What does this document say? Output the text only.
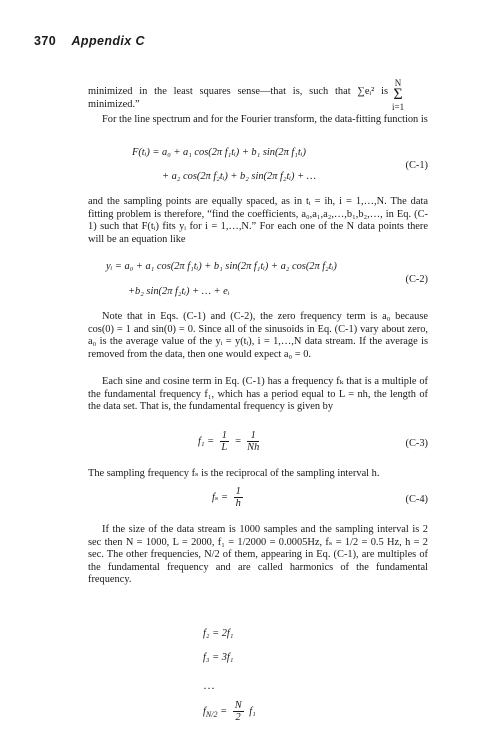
370 Appendix C
N
Σ
i=1
minimized in the least squares sense—that is, such that ∑eᵢ² is minimized.”
For the line spectrum and for the Fourier transform, the data-fitting function is
F(tᵢ) = a₀ + a₁ cos(2π f₁tᵢ) + b₁ sin(2π f₁tᵢ)
+ a₂ cos(2π f₂tᵢ) + b₂ sin(2π f₂tᵢ) + …
(C-1)
and the sampling points are equally spaced, as in tᵢ = ih, i = 1,…,N. The data fitting problem is therefore, “find the coefficients, a₀,a₁,a₂,…,b₁,b₂,…, in Eq. (C-1) such that F(tᵢ) fits yᵢ for i = 1,…,N.” For each one of the N data points there will be an equation like
yᵢ = a₀ + a₁ cos(2π f₁tᵢ) + b₁ sin(2π f₁tᵢ) + a₂ cos(2π f₂tᵢ)
+b₂ sin(2π f₂tᵢ) + … + eᵢ
(C-2)
Note that in Eqs. (C-1) and (C-2), the zero frequency term is a₀ because cos(0) = 1 and sin(0) = 0. Since all of the sinusoids in Eq. (C-1) vary about zero, a₀ is the average value of the yᵢ = y(tᵢ), i = 1,…,N data stream. If the average is removed from the data, then one would expect a₀ = 0.
Each sine and cosine term in Eq. (C-1) has a frequency fₖ that is a multiple of the fundamental frequency f₁, which has a period equal to L = nh, the length of the data set. That is, the fundamental frequency is given by
$f_1 = \frac{1}{L} = \frac{1}{Nh}$	(C-3)
The sampling frequency fₛ is the reciprocal of the sampling interval h.
$f_s = \frac{1}{h}$	(C-4)
If the size of the data stream is 1000 samples and the sampling interval is 2 sec then N = 1000, L = 2000, f₁ = 1/2000 = 0.0005Hz, fₛ = 1/2 = 0.5 Hz, h = 2 sec. The other frequencies, N/2 of them, appearing in Eq. (C-1), are multiples of the fundamental frequency and are called harmonics of the fundamental frequency.
f₂ = 2f₁
f₃ = 3f₁
…
$f_{N/2} = \frac{N}{2} f_1$
